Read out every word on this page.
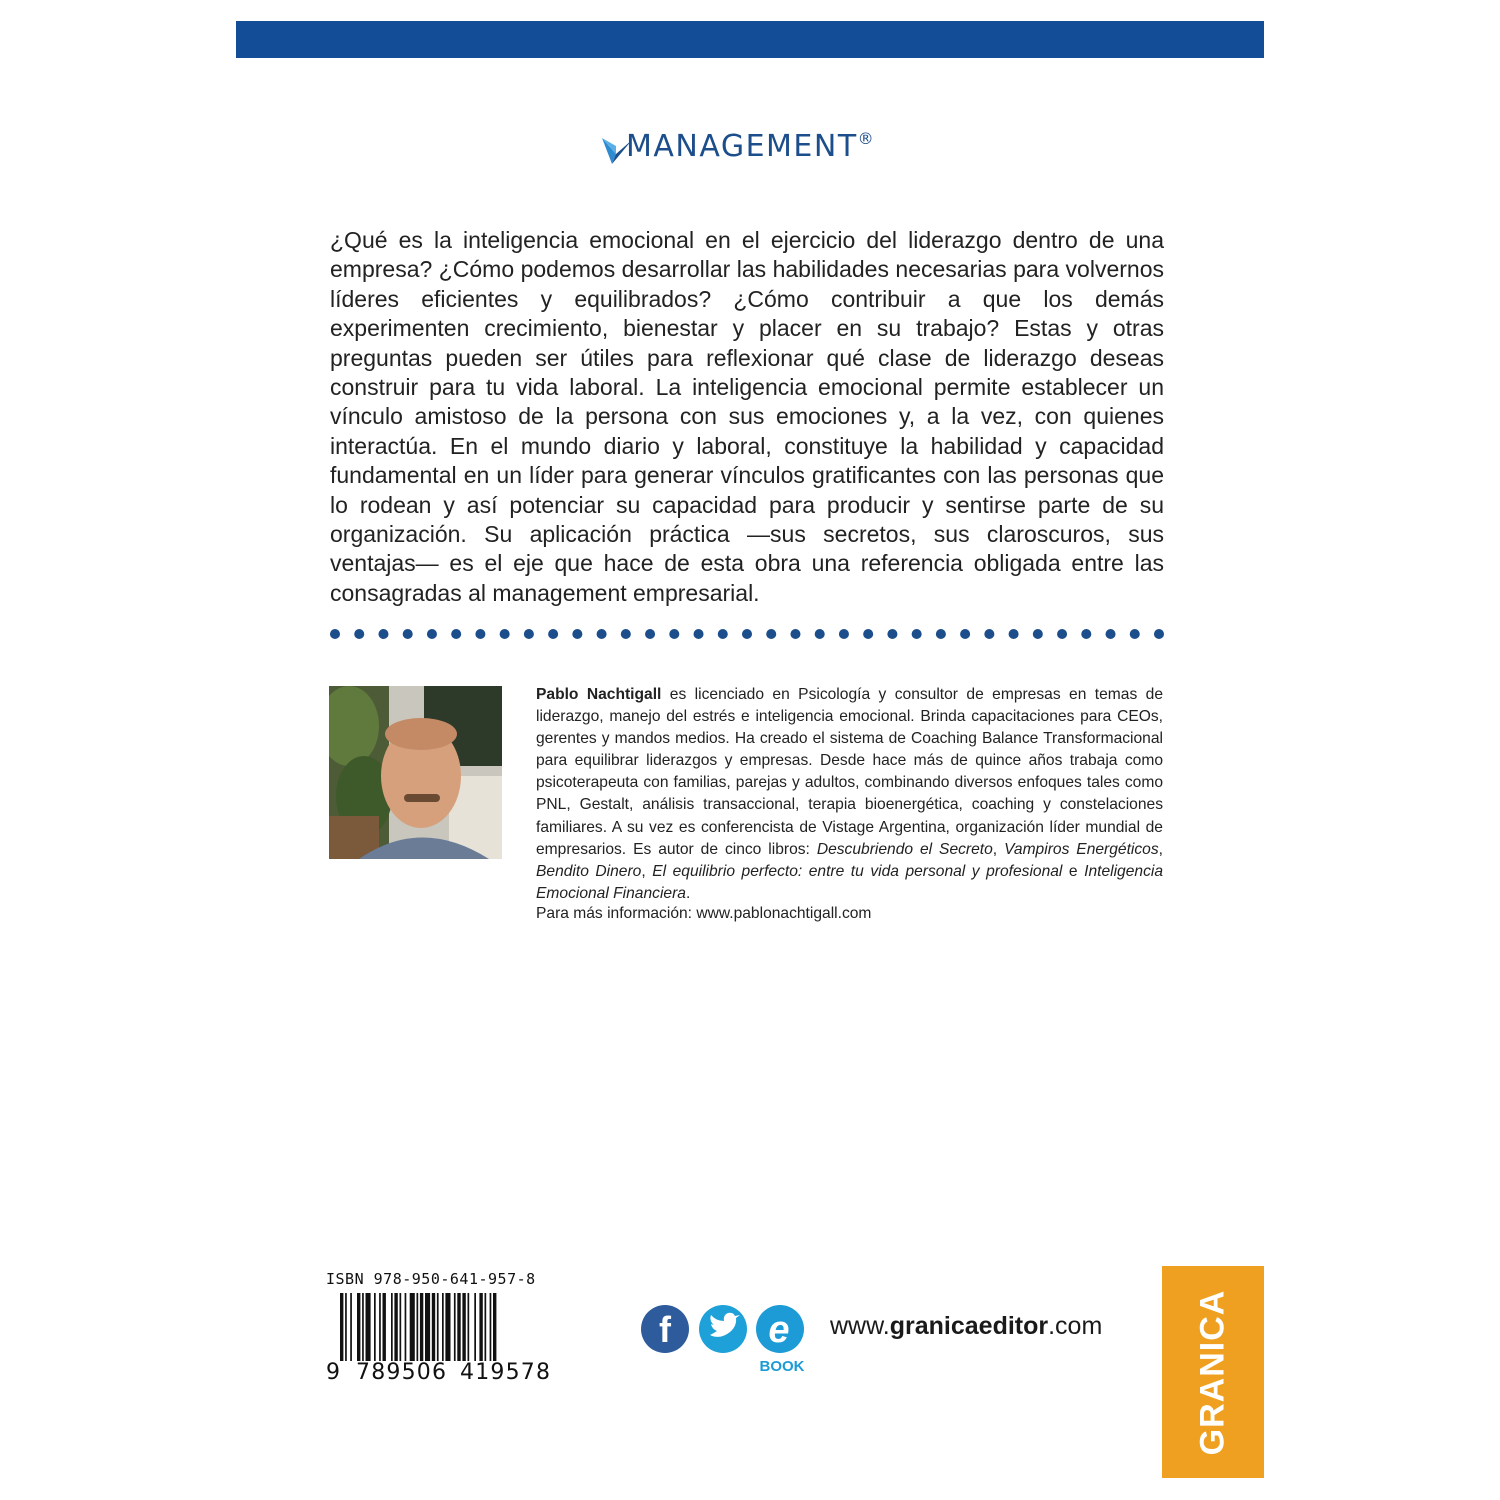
MANAGEMENT®

¿Qué es la inteligencia emocional en el ejercicio del liderazgo dentro de una empresa? ¿Cómo podemos desarrollar las habilidades necesarias para volvernos líderes eficientes y equilibrados? ¿Cómo contribuir a que los demás experimenten crecimiento, bienestar y placer en su trabajo? Estas y otras preguntas pueden ser útiles para reflexionar qué clase de liderazgo deseas construir para tu vida laboral. La inteligencia emocional permite establecer un vínculo amistoso de la persona con sus emociones y, a la vez, con quienes interactúa. En el mundo diario y laboral, constituye la habilidad y capacidad fundamental en un líder para generar vínculos gratificantes con las personas que lo rodean y así potenciar su capacidad para producir y sentirse parte de su organización. Su aplicación práctica —sus secretos, sus claroscuros, sus ventajas— es el eje que hace de esta obra una referencia obligada entre las consagradas al management empresarial.

Pablo Nachtigall es licenciado en Psicología y consultor de empresas en temas de liderazgo, manejo del estrés e inteligencia emocional. Brinda capacitaciones para CEOs, gerentes y mandos medios. Ha creado el sistema de Coaching Balance Transformacional para equilibrar liderazgos y empresas. Desde hace más de quince años trabaja como psicoterapeuta con familias, parejas y adultos, combinando diversos enfoques tales como PNL, Gestalt, análisis transaccional, terapia bioenergética, coaching y constelaciones familiares. A su vez es conferencista de Vistage Argentina, organización líder mundial de empresarios. Es autor de cinco libros: Descubriendo el Secreto, Vampiros Energéticos, Bendito Dinero, El equilibrio perfecto: entre tu vida personal y profesional e Inteligencia Emocional Financiera.

Para más información: www.pablonachtigall.com

ISBN 978-950-641-957-8
9 789506 419578
f	e
BOOK
www.granicaeditor.com	GRANICA
